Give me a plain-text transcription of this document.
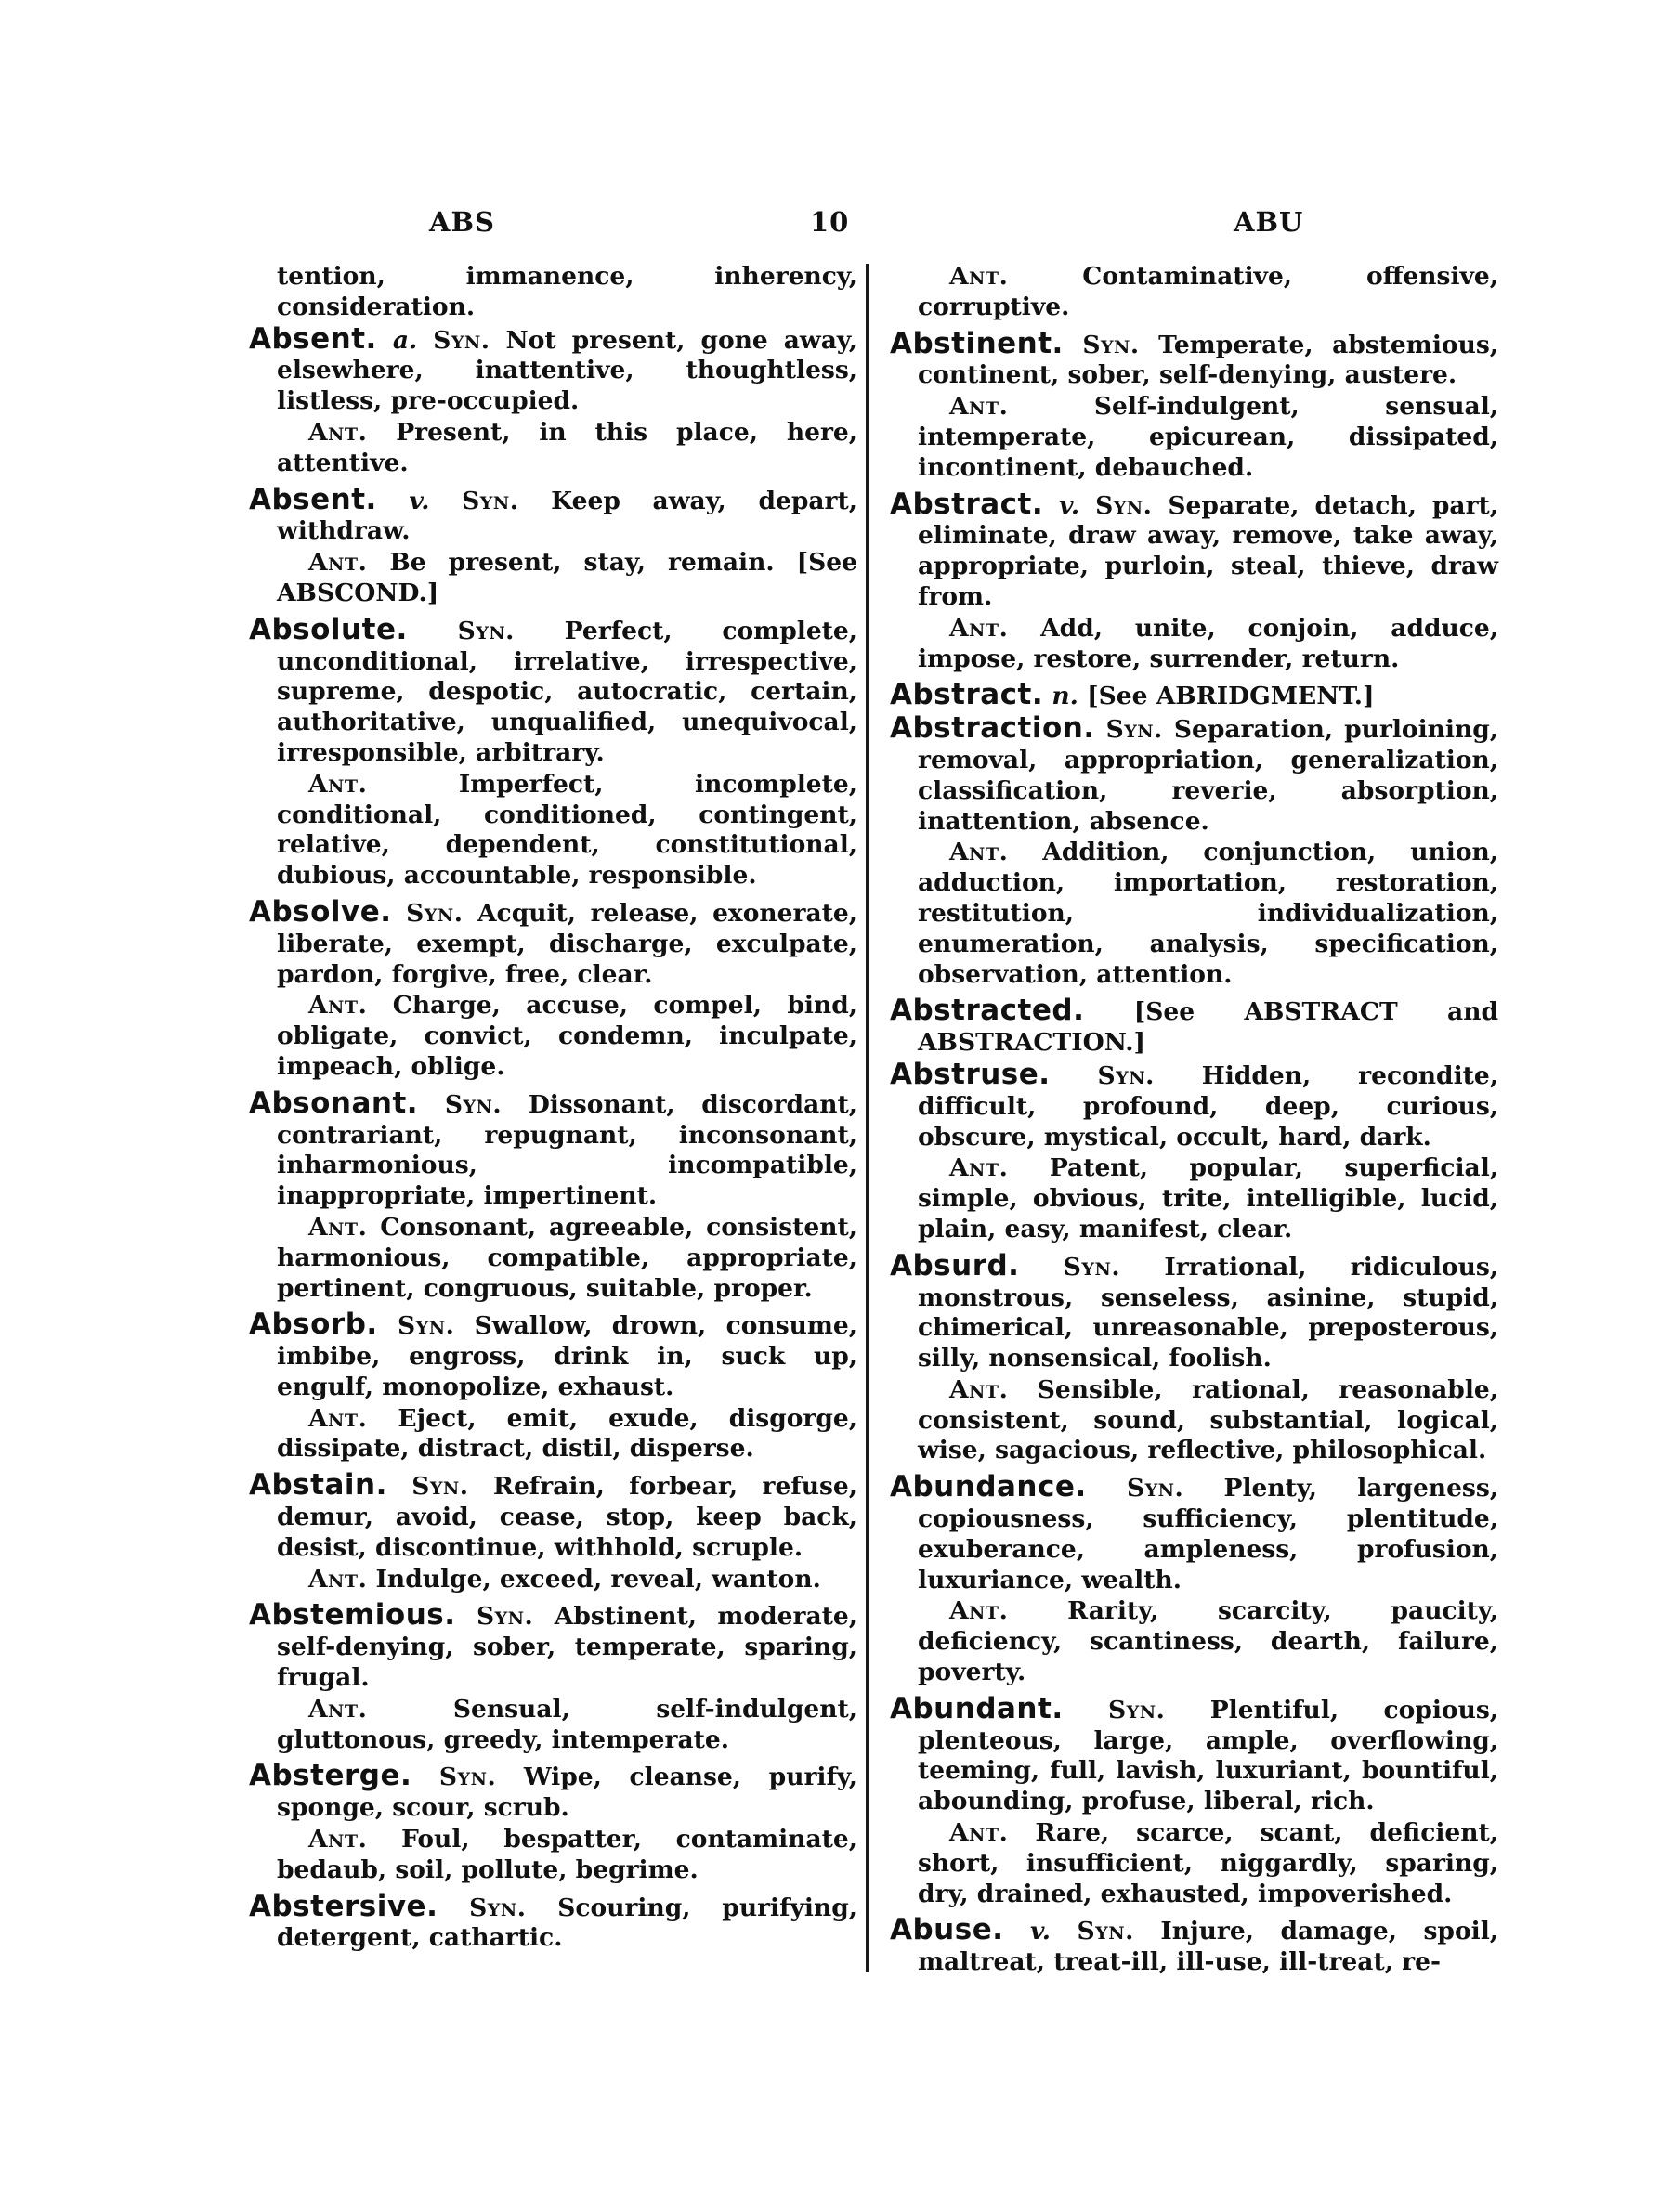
ABS	10	ABU

tention, immanence, inherency, consideration.

Absent. a. Syn. Not present, gone away, elsewhere, inattentive, thoughtless, listless, pre-occupied.

Ant. Present, in this place, here, attentive.

Absent. v. Syn. Keep away, depart, withdraw.

Ant. Be present, stay, remain. [See ABSCOND.]

Absolute. Syn. Perfect, complete, unconditional, irrelative, irrespective, supreme, despotic, autocratic, certain, authoritative, unqualified, unequivocal, irresponsible, arbitrary.

Ant.	Imperfect, incomplete, conditional, conditioned, contingent, relative, dependent, constitutional, dubious, accountable, responsible.

Absolve. Syn. Acquit, release, exonerate, liberate, exempt, discharge, exculpate, pardon, forgive, free, clear.

Ant. Charge, accuse, compel, bind, obligate, convict, condemn, inculpate, impeach, oblige.

Absonant. Syn. Dissonant, discordant, contrariant, repugnant, inconsonant, inharmonious, incompatible, inappropriate, impertinent.

Ant. Consonant, agreeable, consistent, harmonious, compatible, appropriate, pertinent, congruous, suitable, proper.

Absorb. Syn. Swallow, drown, consume, imbibe, engross, drink in, suck up, engulf, monopolize, exhaust.

Ant. Eject, emit, exude, disgorge, dissipate, distract, distil, disperse.

Abstain. Syn. Refrain, forbear, refuse, demur, avoid, cease, stop, keep back, desist, discontinue, withhold, scruple.

Ant. Indulge, exceed, reveal, wanton.

Abstemious. Syn. Abstinent, moderate, self-denying, sober, temperate, sparing, frugal.

Ant.	Sensual, self-indulgent, gluttonous, greedy, intemperate.

Absterge. Syn. Wipe, cleanse, purify, sponge, scour, scrub.

Ant. Foul, bespatter, contaminate, bedaub, soil, pollute, begrime.

Abstersive. Syn. Scouring, purifying, detergent, cathartic.

Ant.	Contaminative, offensive, corruptive.

Abstinent. Syn. Temperate, abstemious, continent, sober, self-denying, austere.

Ant.	Self-indulgent, sensual, intemperate, epicurean, dissipated, incontinent, debauched.

Abstract. v. Syn. Separate, detach, part, eliminate, draw away, remove, take away, appropriate, purloin, steal, thieve, draw from.

Ant. Add, unite, conjoin, adduce, impose, restore, surrender, return.

Abstract. n. [See ABRIDGMENT.]

Abstraction. Syn. Separation, purloining, removal, appropriation, generalization, classification, reverie, absorption, inattention, absence.

Ant. Addition, conjunction, union, adduction, importation, restoration, restitution, individualization, enumeration, analysis, specification, observation, attention.

Abstracted. [See ABSTRACT and ABSTRACTION.]

Abstruse. Syn. Hidden, recondite, difficult, profound, deep, curious, obscure, mystical, occult, hard, dark.

Ant. Patent, popular, superficial, simple, obvious, trite, intelligible, lucid, plain, easy, manifest, clear.

Absurd. Syn. Irrational, ridiculous, monstrous, senseless, asinine, stupid, chimerical, unreasonable, preposterous, silly, nonsensical, foolish.

Ant. Sensible, rational, reasonable, consistent, sound, substantial, logical, wise, sagacious, reflective, philosophical.

Abundance. Syn. Plenty, largeness, copiousness, sufficiency, plentitude, exuberance, ampleness, profusion, luxuriance, wealth.

Ant. Rarity, scarcity, paucity, deficiency, scantiness, dearth, failure, poverty.

Abundant. Syn. Plentiful, copious, plenteous, large, ample, overflowing, teeming, full, lavish, luxuriant, bountiful, abounding, profuse, liberal, rich.

Ant. Rare, scarce, scant, deficient, short, insufficient, niggardly, sparing, dry, drained, exhausted, impoverished.

Abuse. v. Syn. Injure, damage, spoil, maltreat, treat-ill, ill-use, ill-treat, re-
